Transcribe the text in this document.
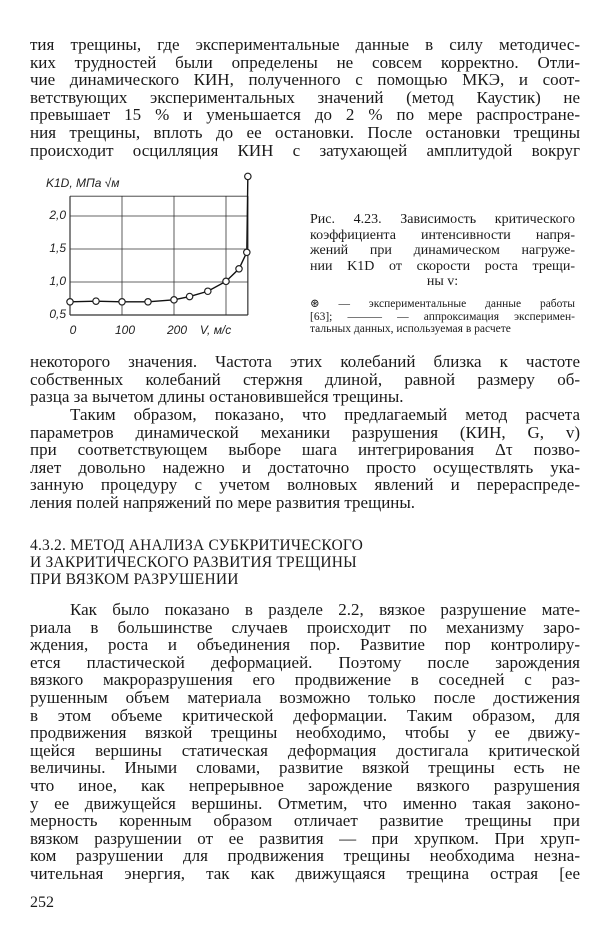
тия трещины, где экспериментальные данные в силу методичес-
ких трудностей были определены не совсем корректно. Отли-
чие динамического КИН, полученного с помощью МКЭ, и соот-
ветствующих экспериментальных значений (метод Каустик) не
превышает 15 % и уменьшается до 2 % по мере распростране-
ния трещины, вплоть до ее остановки. После остановки трещины
происходит осцилляция КИН с затухающей амплитудой вокруг
0,5
1,0
1,5
2,0
0	100	200 V, м/с
K1D, МПа √м
Рис. 4.23. Зависимость критического
коэффициента интенсивности напря-
жений при динамическом нагруже-
нии K1D от скорости роста трещи-
ны v:
⊛ — экспериментальные данные работы
[63]; ——— — аппроксимация эксперимен-
тальных данных, используемая в расчете
некоторого значения. Частота этих колебаний близка к частоте
собственных колебаний стержня длиной, равной размеру об-
разца за вычетом длины остановившейся трещины.
Таким образом, показано, что предлагаемый метод расчета
параметров динамической механики разрушения (КИН, G, v)
при соответствующем выборе шага интегрирования Δτ позво-
ляет довольно надежно и достаточно просто осуществлять ука-
занную процедуру с учетом волновых явлений и перераспреде-
ления полей напряжений по мере развития трещины.
4.3.2. МЕТОД АНАЛИЗА СУБКРИТИЧЕСКОГО
И ЗАКРИТИЧЕСКОГО РАЗВИТИЯ ТРЕЩИНЫ
ПРИ ВЯЗКОМ РАЗРУШЕНИИ
Как было показано в разделе 2.2, вязкое разрушение мате-
риала в большинстве случаев происходит по механизму заро-
ждения, роста и объединения пор. Развитие пор контролиру-
ется пластической деформацией. Поэтому после зарождения
вязкого макроразрушения его продвижение в соседней с раз-
рушенным объем материала возможно только после достижения
в этом объеме критической деформации. Таким образом, для
продвижения вязкой трещины необходимо, чтобы у ее движу-
щейся вершины статическая деформация достигала критической
величины. Иными словами, развитие вязкой трещины есть не
что иное, как непрерывное зарождение вязкого разрушения
у ее движущейся вершины. Отметим, что именно такая законо-
мерность коренным образом отличает развитие трещины при
вязком разрушении от ее развития — при хрупком. При хруп-
ком разрушении для продвижения трещины необходима незна-
чительная энергия, так как движущаяся трещина острая [ее
252
